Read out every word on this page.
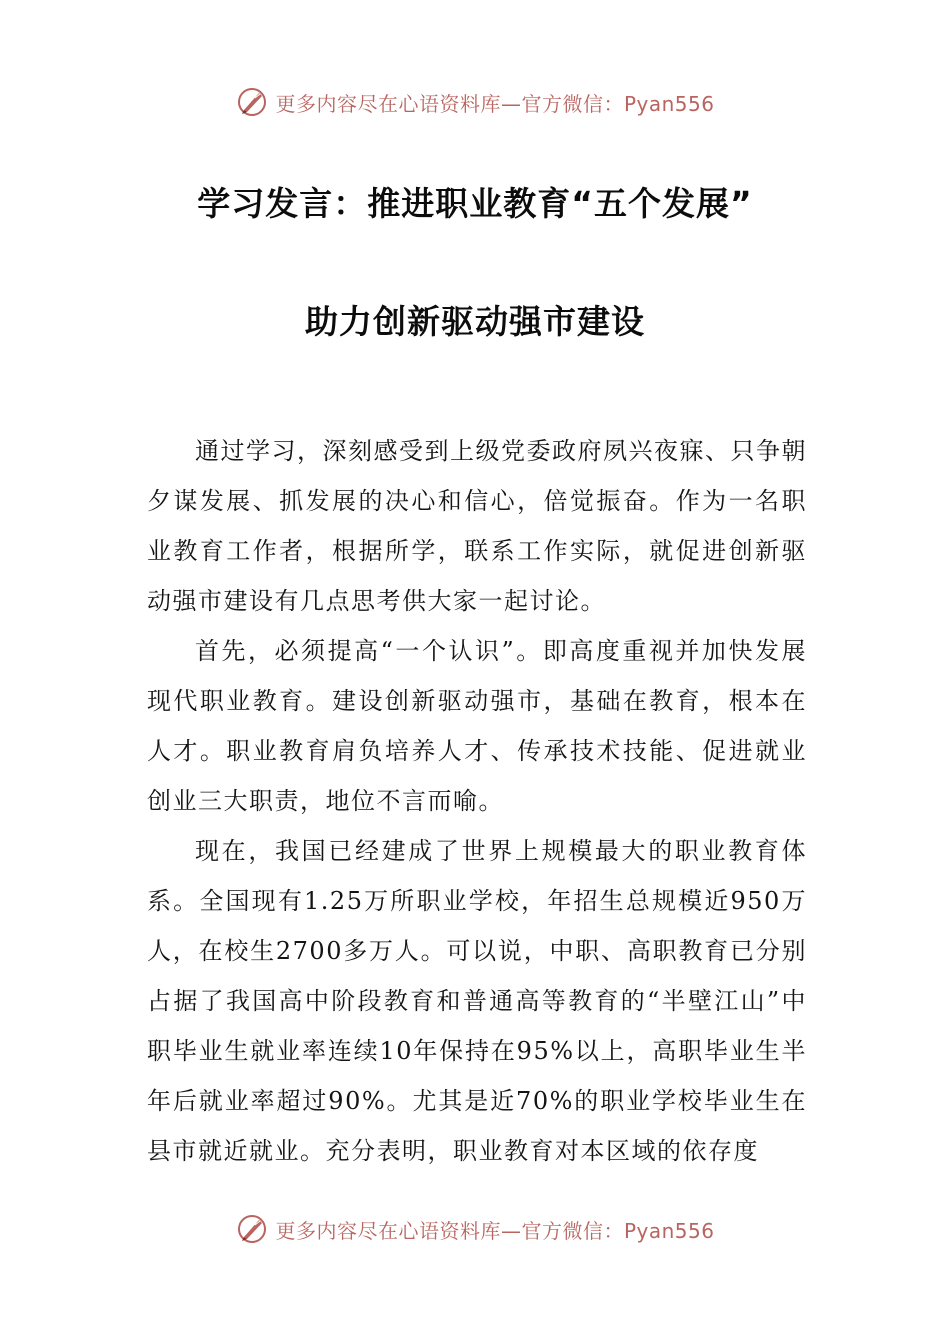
更多内容尽在心语资料库—官方微信：Pyan556
学习发言：推进职业教育“五个发展”
助力创新驱动强市建设

通过学习，深刻感受到上级党委政府夙兴夜寐、只争朝夕谋发展、抓发展的决心和信心，倍觉振奋。作为一名职业教育工作者，根据所学，联系工作实际，就促进创新驱动强市建设有几点思考供大家一起讨论。

首先，必须提高“一个认识”。即高度重视并加快发展现代职业教育。建设创新驱动强市，基础在教育，根本在人才。职业教育肩负培养人才、传承技术技能、促进就业创业三大职责，地位不言而喻。

现在，我国已经建成了世界上规模最大的职业教育体系。全国现有1.25万所职业学校，年招生总规模近950万人，在校生2700多万人。可以说，中职、高职教育已分别占据了我国高中阶段教育和普通高等教育的“半壁江山”中职毕业生就业率连续10年保持在95%以上，高职毕业生半年后就业率超过90%。尤其是近70%的职业学校毕业生在县市就近就业。充分表明，职业教育对本区域的依存度

更多内容尽在心语资料库—官方微信：Pyan556
